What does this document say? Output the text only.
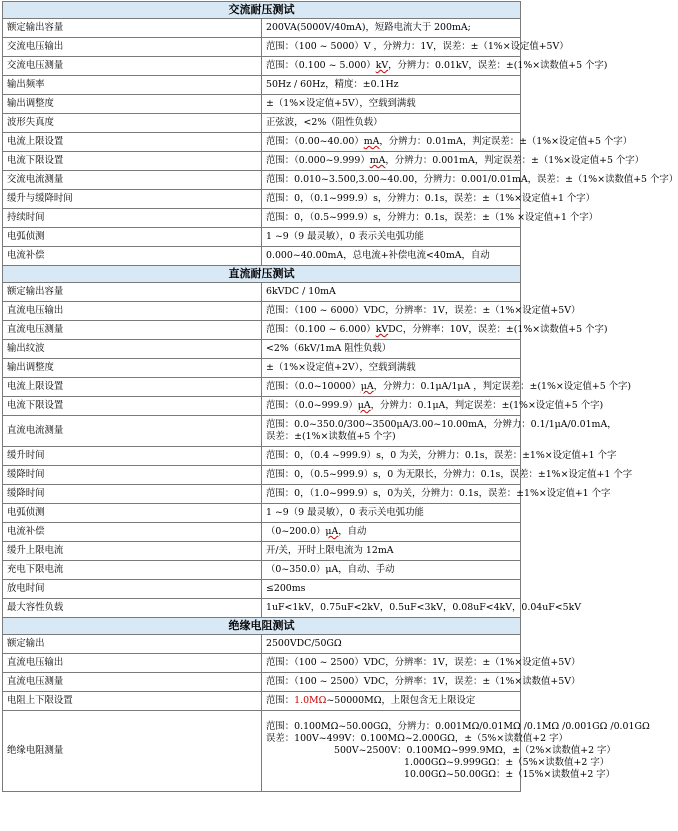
交流耐压测试	
额定输出容量	200VA(5000V/40mA)，短路电流大于 200mA;
交流电压输出	范围：（100 ~ 5000）V ，分辨力：1V，误差：±（1%×设定值+5V）
交流电压测量	范围：（0.100 ~ 5.000）kV，分辨力：0.01kV，误差：±(1%×读数值+5 个字)
输出频率	50Hz / 60Hz，精度：±0.1Hz
输出调整度	±（1%×设定值+5V），空载到满载
波形失真度	正弦波，<2%（阻性负载）
电流上限设置	范围：（0.00~40.00）mA，分辨力：0.01mA，判定误差：±（1%×设定值+5 个字）
电流下限设置	范围：（0.000~9.999）mA，分辨力：0.001mA，判定误差：±（1%×设定值+5 个字）
交流电流测量	范围：0.010~3.500,3.00~40.00，分辨力：0.001/0.01mA，误差：±（1%×读数值+5 个字）
缓升与缓降时间	范围：0，（0.1~999.9）s，分辨力：0.1s，误差：±（1%×设定值+1 个字）
持续时间	范围：0，（0.5~999.9）s，分辨力：0.1s，误差：±（1% ×设定值+1 个字）
电弧侦测	1 ~9（9 最灵敏），0 表示关电弧功能
电流补偿	0.000~40.00mA，总电流+补偿电流<40mA，自动
直流耐压测试	
额定输出容量	6kVDC / 10mA
直流电压输出	范围：（100 ~ 6000）VDC，分辨率：1V，误差：±（1%×设定值+5V）
直流电压测量	范围：（0.100 ~ 6.000）kVDC，分辨率：10V，误差：±(1%×读数值+5 个字)
输出纹波	<2%（6kV/1mA 阻性负载）
输出调整度	±（1%×设定值+2V），空载到满载
电流上限设置	范围：（0.0~10000）μA，分辨力：0.1μA/1μA ，判定误差：±(1%×设定值+5 个字)
电流下限设置	范围：（0.0~999.9）μA，分辨力：0.1μA，判定误差：±(1%×设定值+5 个字)
直流电流测量	范围：0.0~350.0/300~3500μA/3.00~10.00mA，分辨力：0.1/1μA/0.01mA，
误差：±(1%×读数值+5 个字)

缓升时间	范围：0，（0.4 ~999.9）s，0 为关，分辨力：0.1s，误差：±1%×设定值+1 个字
缓降时间	范围：0，（0.5~999.9）s，0 为无限长，分辨力：0.1s，误差：±1%×设定值+1 个字
缓降时间	范围：0，（1.0~999.9）s，0为关，分辨力：0.1s，误差：±1%×设定值+1 个字
电弧侦测	1 ~9（9 最灵敏），0 表示关电弧功能
电流补偿	（0~200.0）μA，自动
缓升上限电流	开/关，开时上限电流为 12mA
充电下限电流	（0~350.0）μA，自动、手动
放电时间	≤200ms
最大容性负载	1uF<1kV，0.75uF<2kV，0.5uF<3kV，0.08uF<4kV，0.04uF<5kV
绝缘电阻测试	
额定输出	2500VDC/50GΩ
直流电压输出	范围：（100 ~ 2500）VDC，分辨率：1V，误差：±（1%×设定值+5V）
直流电压测量	范围：（100 ~ 2500）VDC，分辨率：1V，误差：±（1%×读数值+5V）
电阻上下限设置	范围：1.0MΩ~50000MΩ，上限包含无上限设定
绝缘电阻测量	范围：0.100MΩ~50.00GΩ，分辨力：0.001MΩ/0.01MΩ /0.1MΩ /0.001GΩ /0.01GΩ
误差：100V~499V：0.100MΩ~2.000GΩ，±（5%×读数值+2 字）
500V~2500V：0.100MΩ~999.9MΩ，±（2%×读数值+2 字）
1.000GΩ~9.999GΩ：±（5%×读数值+2 字）
10.00GΩ~50.00GΩ：±（15%×读数值+2 字）
